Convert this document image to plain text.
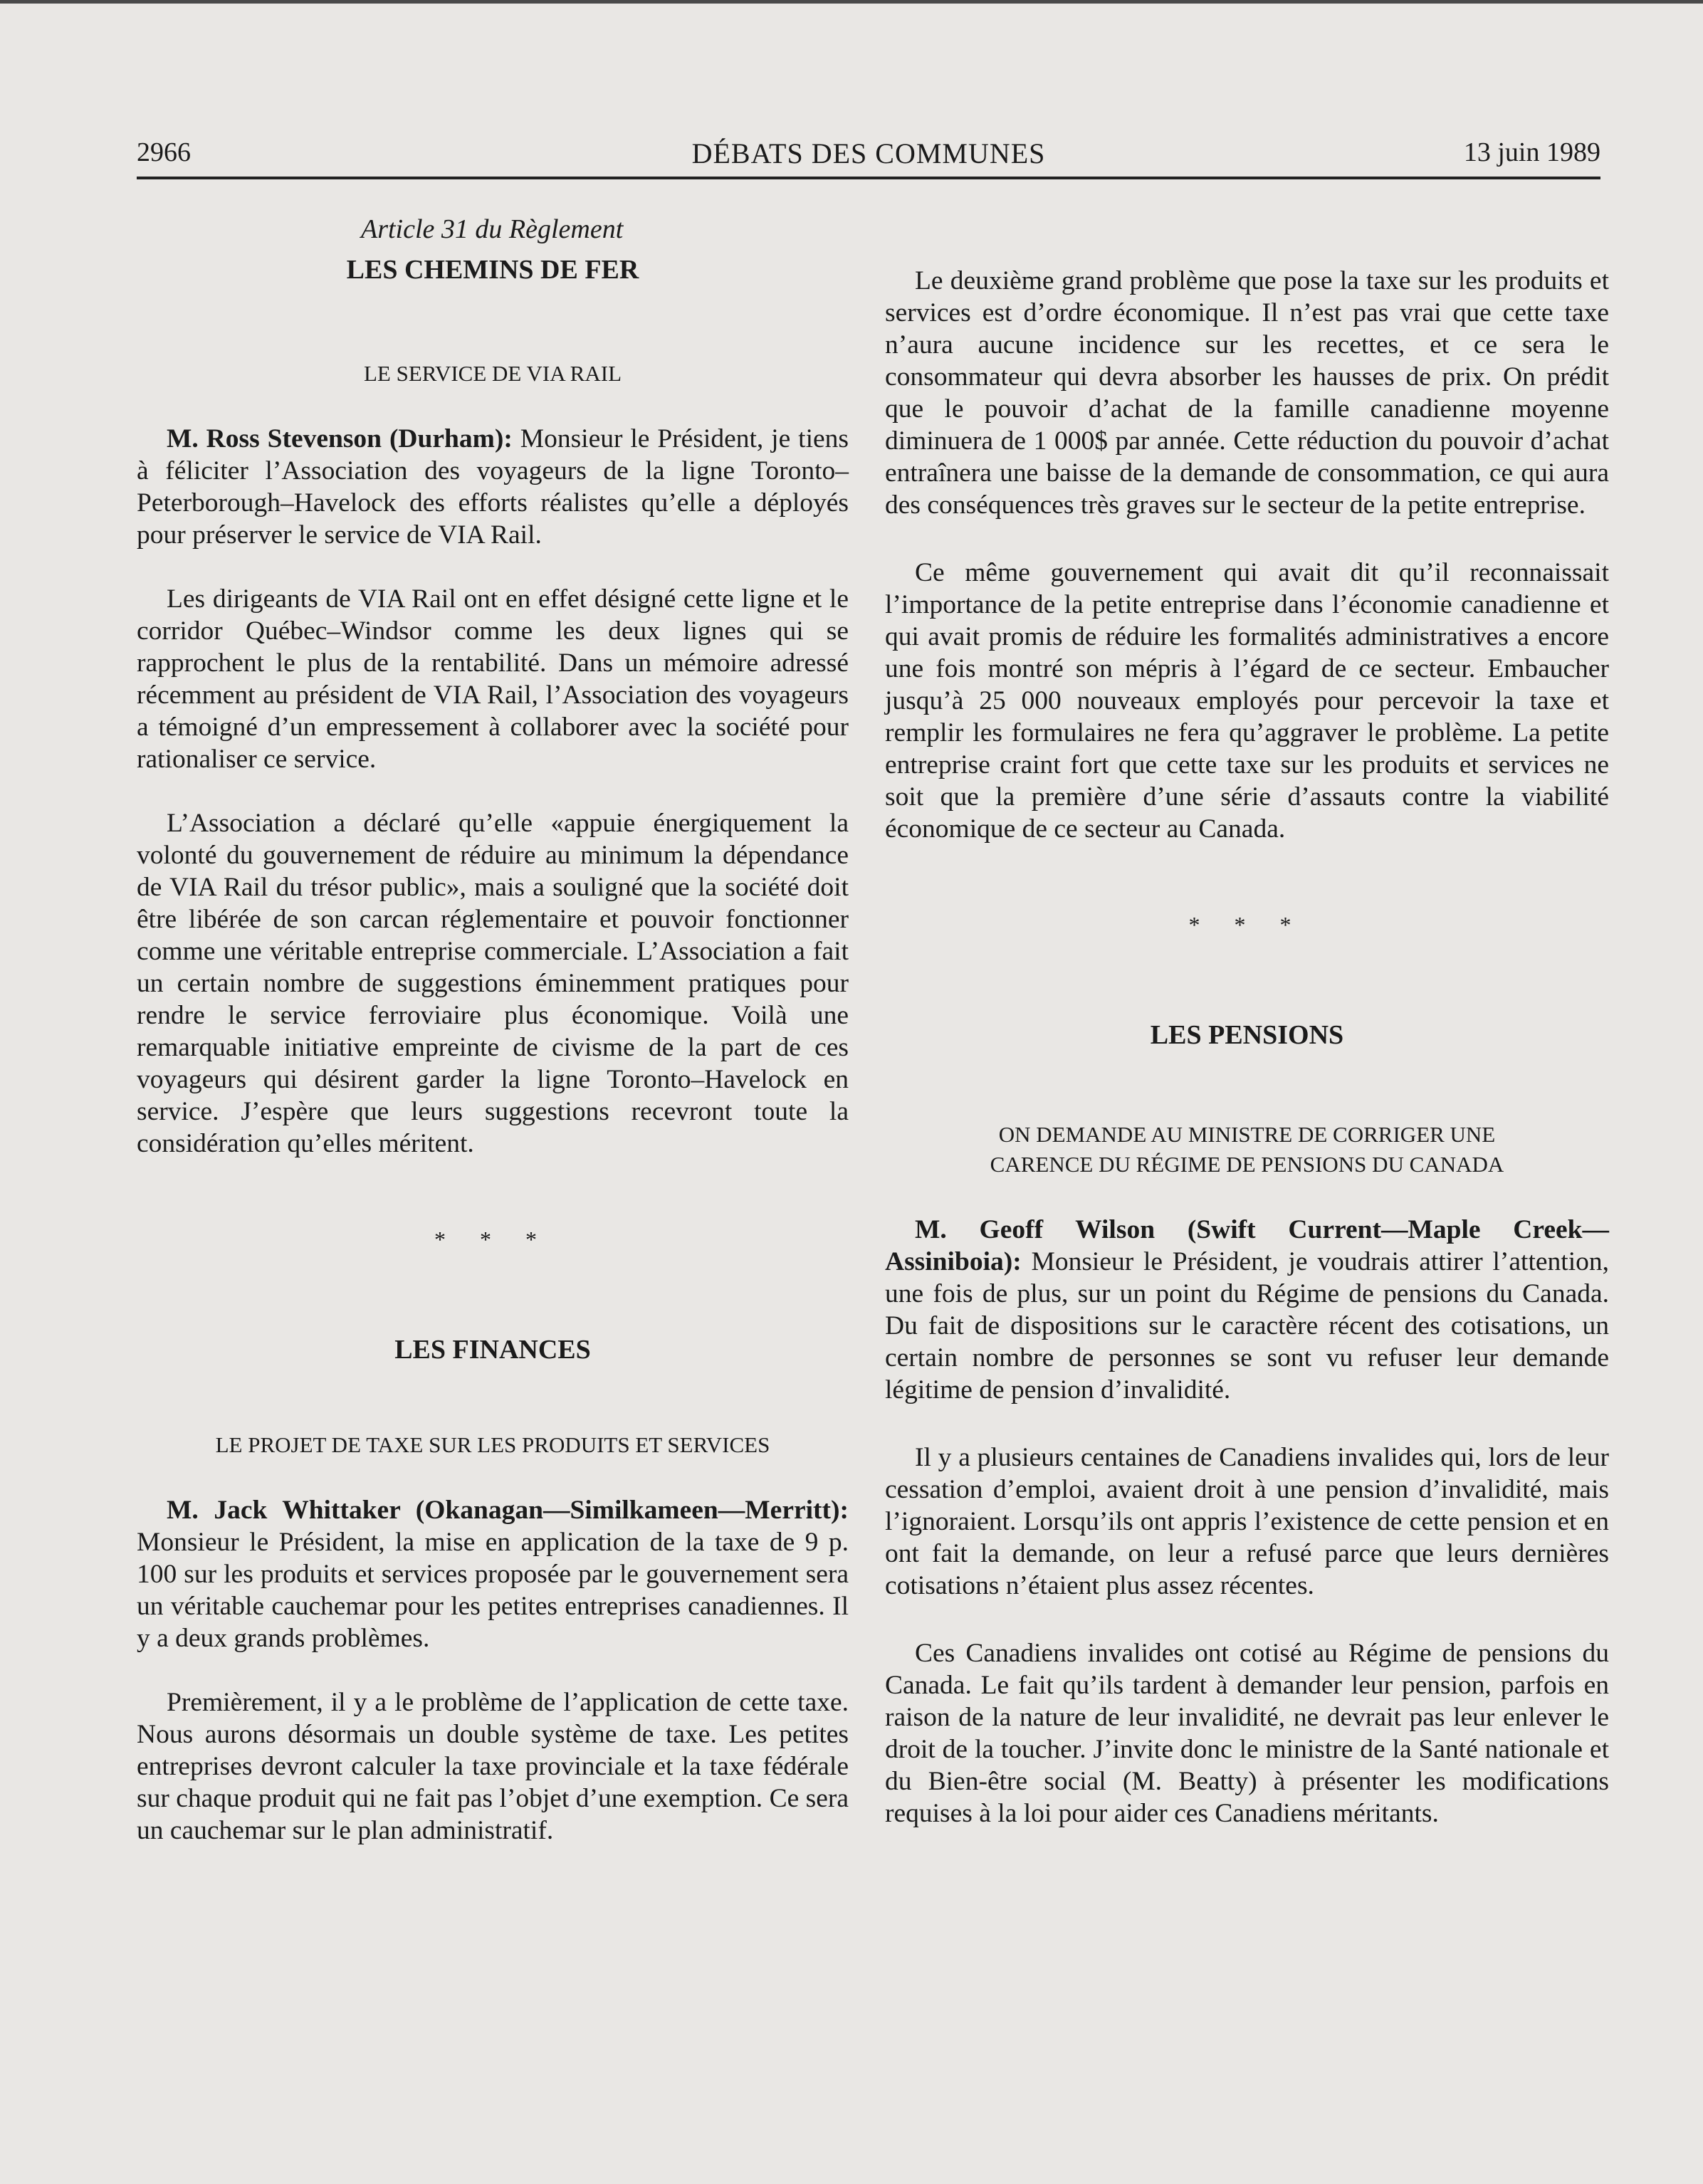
2966	DÉBATS DES COMMUNES	13 juin 1989
Article 31 du Règlement
LES CHEMINS DE FER
LE SERVICE DE VIA RAIL

M. Ross Stevenson (Durham): Monsieur le Président, je tiens à féliciter l’Association des voyageurs de la ligne Toronto–Peterborough–Havelock des efforts réalistes qu’elle a déployés pour préserver le service de VIA Rail.

Les dirigeants de VIA Rail ont en effet désigné cette ligne et le corridor Québec–Windsor comme les deux lignes qui se rapprochent le plus de la rentabilité. Dans un mémoire adressé récemment au président de VIA Rail, l’Association des voyageurs a témoigné d’un empressement à collaborer avec la société pour rationaliser ce service.

L’Association a déclaré qu’elle «appuie énergiquement la volonté du gouvernement de réduire au minimum la dépendance de VIA Rail du trésor public», mais a souligné que la société doit être libérée de son carcan réglementaire et pouvoir fonctionner comme une véritable entreprise commerciale. L’Association a fait un certain nombre de suggestions éminemment pratiques pour rendre le service ferroviaire plus économique. Voilà une remarquable initiative empreinte de civisme de la part de ces voyageurs qui désirent garder la ligne Toronto–Havelock en service. J’espère que leurs suggestions recevront toute la considération qu’elles méritent.

* * *
LES FINANCES
LE PROJET DE TAXE SUR LES PRODUITS ET SERVICES

M. Jack Whittaker (Okanagan—Similkameen—Merritt): Monsieur le Président, la mise en application de la taxe de 9 p. 100 sur les produits et services proposée par le gouvernement sera un véritable cauchemar pour les petites entreprises canadiennes. Il y a deux grands problèmes.

Premièrement, il y a le problème de l’application de cette taxe. Nous aurons désormais un double système de taxe. Les petites entreprises devront calculer la taxe provinciale et la taxe fédérale sur chaque produit qui ne fait pas l’objet d’une exemption. Ce sera un cauchemar sur le plan administratif.

Le deuxième grand problème que pose la taxe sur les produits et services est d’ordre économique. Il n’est pas vrai que cette taxe n’aura aucune incidence sur les recettes, et ce sera le consommateur qui devra absorber les hausses de prix. On prédit que le pouvoir d’achat de la famille canadienne moyenne diminuera de 1 000$ par année. Cette réduction du pouvoir d’achat entraînera une baisse de la demande de consommation, ce qui aura des conséquences très graves sur le secteur de la petite entreprise.

Ce même gouvernement qui avait dit qu’il reconnaissait l’importance de la petite entreprise dans l’économie canadienne et qui avait promis de réduire les formalités administratives a encore une fois montré son mépris à l’égard de ce secteur. Embaucher jusqu’à 25 000 nouveaux employés pour percevoir la taxe et remplir les formulaires ne fera qu’aggraver le problème. La petite entreprise craint fort que cette taxe sur les produits et services ne soit que la première d’une série d’assauts contre la viabilité économique de ce secteur au Canada.

* * *
LES PENSIONS
ON DEMANDE AU MINISTRE DE CORRIGER UNE
CARENCE DU RÉGIME DE PENSIONS DU CANADA

M. Geoff Wilson (Swift Current—Maple Creek—Assiniboia): Monsieur le Président, je voudrais attirer l’attention, une fois de plus, sur un point du Régime de pensions du Canada. Du fait de dispositions sur le caractère récent des cotisations, un certain nombre de personnes se sont vu refuser leur demande légitime de pension d’invalidité.

Il y a plusieurs centaines de Canadiens invalides qui, lors de leur cessation d’emploi, avaient droit à une pension d’invalidité, mais l’ignoraient. Lorsqu’ils ont appris l’existence de cette pension et en ont fait la demande, on leur a refusé parce que leurs dernières cotisations n’étaient plus assez récentes.

Ces Canadiens invalides ont cotisé au Régime de pensions du Canada. Le fait qu’ils tardent à demander leur pension, parfois en raison de la nature de leur invalidité, ne devrait pas leur enlever le droit de la toucher. J’invite donc le ministre de la Santé nationale et du Bien-être social (M. Beatty) à présenter les modifications requises à la loi pour aider ces Canadiens méritants.
